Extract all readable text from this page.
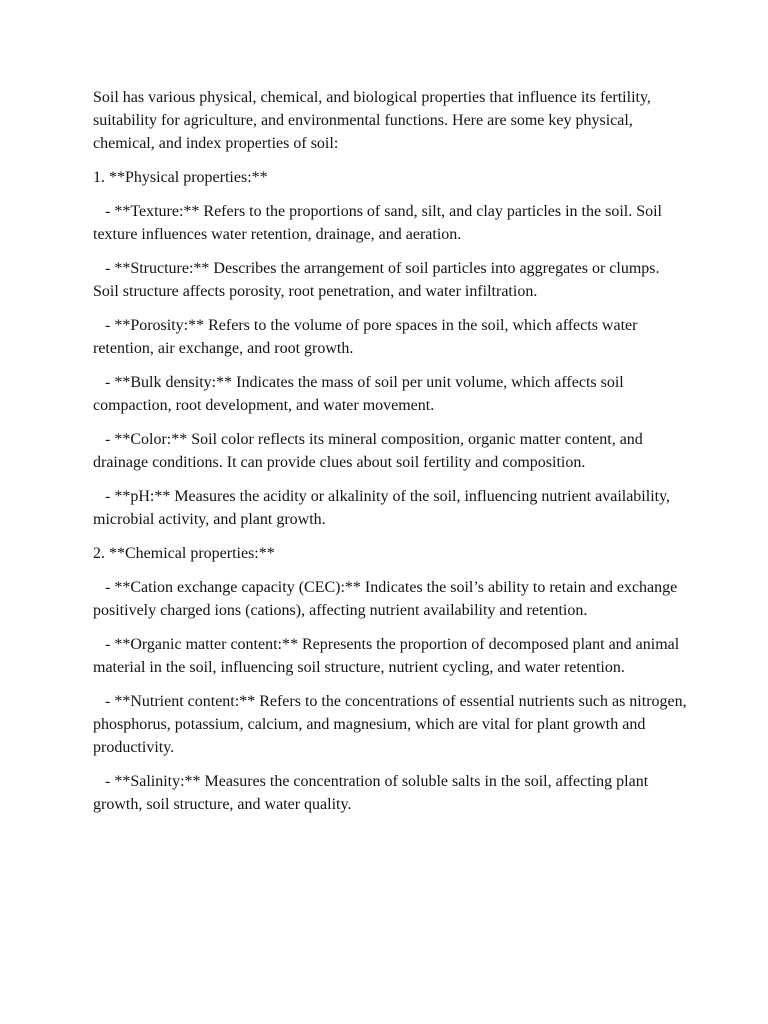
Soil has various physical, chemical, and biological properties that influence its fertility, suitability for agriculture, and environmental functions. Here are some key physical, chemical, and index properties of soil:

1. **Physical properties:**

- **Texture:** Refers to the proportions of sand, silt, and clay particles in the soil. Soil texture influences water retention, drainage, and aeration.

- **Structure:** Describes the arrangement of soil particles into aggregates or clumps. Soil structure affects porosity, root penetration, and water infiltration.

- **Porosity:** Refers to the volume of pore spaces in the soil, which affects water retention, air exchange, and root growth.

- **Bulk density:** Indicates the mass of soil per unit volume, which affects soil compaction, root development, and water movement.

- **Color:** Soil color reflects its mineral composition, organic matter content, and drainage conditions. It can provide clues about soil fertility and composition.

- **pH:** Measures the acidity or alkalinity of the soil, influencing nutrient availability, microbial activity, and plant growth.

2. **Chemical properties:**

- **Cation exchange capacity (CEC):** Indicates the soil’s ability to retain and exchange positively charged ions (cations), affecting nutrient availability and retention.

- **Organic matter content:** Represents the proportion of decomposed plant and animal material in the soil, influencing soil structure, nutrient cycling, and water retention.

- **Nutrient content:** Refers to the concentrations of essential nutrients such as nitrogen, phosphorus, potassium, calcium, and magnesium, which are vital for plant growth and productivity.

- **Salinity:** Measures the concentration of soluble salts in the soil, affecting plant growth, soil structure, and water quality.
